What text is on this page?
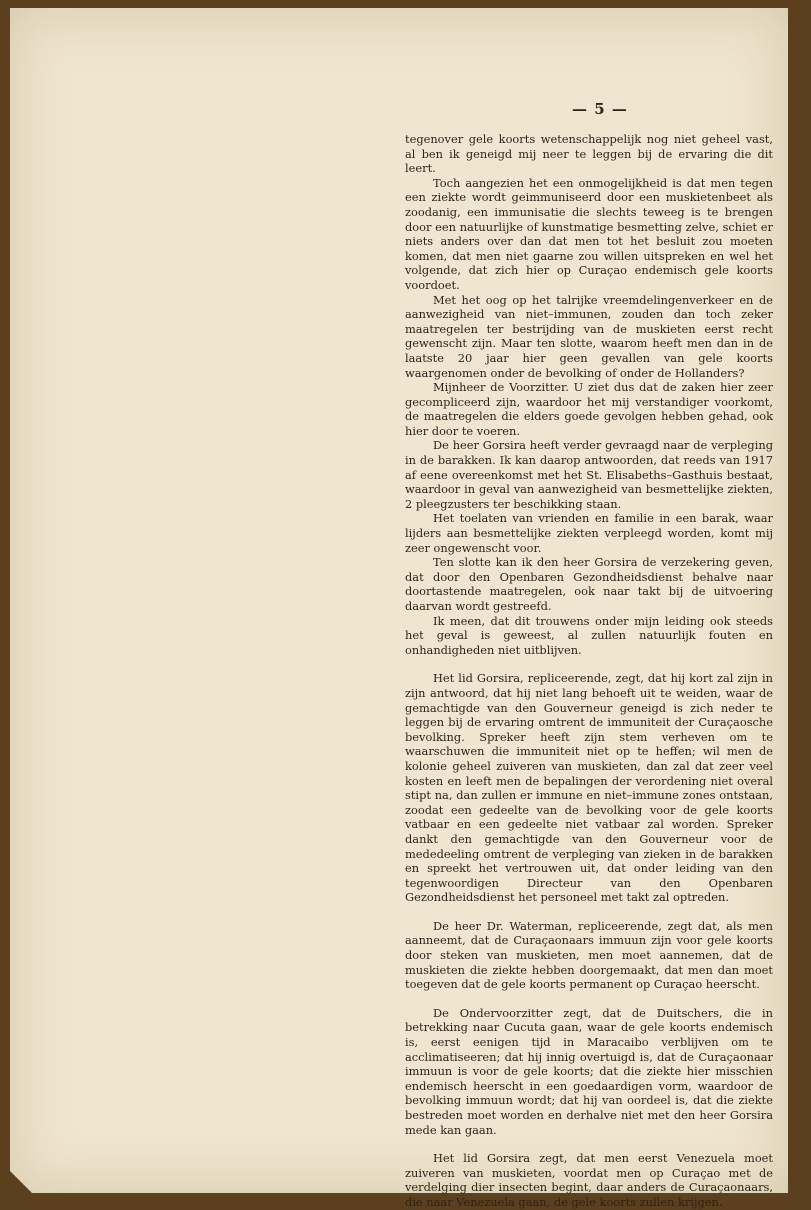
— 5 —

tegenover gele koorts wetenschappelijk nog niet geheel vast, al ben ik geneigd mij neer te leggen bij de ervaring die dit leert.

Toch aangezien het een onmogelijkheid is dat men tegen een ziekte wordt geimmuniseerd door een muskietenbeet als zoodanig, een immunisatie die slechts teweeg is te brengen door een natuurlijke of kunstmatige besmetting zelve, schiet er niets anders over dan dat men tot het besluit zou moeten komen, dat men niet gaarne zou willen uitspreken en wel het volgende, dat zich hier op Curaçao endemisch gele koorts voordoet.

Met het oog op het talrijke vreemdelingenverkeer en de aanwezigheid van niet–immunen, zouden dan toch zeker maatregelen ter bestrijding van de muskieten eerst recht gewenscht zijn. Maar ten slotte, waarom heeft men dan in de laatste 20 jaar hier geen gevallen van gele koorts waargenomen onder de bevolking of onder de Hollanders?

Mijnheer de Voorzitter. U ziet dus dat de zaken hier zeer gecompliceerd zijn, waardoor het mij verstandiger voorkomt, de maatregelen die elders goede gevolgen hebben gehad, ook hier door te voeren.

De heer Gorsira heeft verder gevraagd naar de verpleging in de barakken. Ik kan daarop antwoorden, dat reeds van 1917 af eene overeenkomst met het St. Elisabeths–Gasthuis bestaat, waardoor in geval van aanwezigheid van besmettelijke ziekten, 2 pleegzusters ter beschikking staan.

Het toelaten van vrienden en familie in een barak, waar lijders aan besmettelijke ziekten verpleegd worden, komt mij zeer ongewenscht voor.

Ten slotte kan ik den heer Gorsira de verzekering geven, dat door den Openbaren Gezondheidsdienst behalve naar doortastende maatregelen, ook naar takt bij de uitvoering daarvan wordt gestreefd.

Ik meen, dat dit trouwens onder mijn leiding ook steeds het geval is geweest, al zullen natuurlijk fouten en onhandigheden niet uitblijven.

Het lid Gorsira, repliceerende, zegt, dat hij kort zal zijn in zijn antwoord, dat hij niet lang behoeft uit te weiden, waar de gemachtigde van den Gouverneur geneigd is zich neder te leggen bij de ervaring omtrent de immuniteit der Curaçaosche bevolking. Spreker heeft zijn stem verheven om te waarschuwen die immuniteit niet op te heffen; wil men de kolonie geheel zuiveren van muskieten, dan zal dat zeer veel kosten en leeft men de bepalingen der verordening niet overal stipt na, dan zullen er immune en niet–immune zones ontstaan, zoodat een gedeelte van de bevolking voor de gele koorts vatbaar en een gedeelte niet vatbaar zal worden. Spreker dankt den gemachtigde van den Gouverneur voor de mededeeling omtrent de verpleging van zieken in de barakken en spreekt het vertrouwen uit, dat onder leiding van den tegenwoordigen Directeur van den Openbaren Gezondheidsdienst het personeel met takt zal optreden.

De heer Dr. Waterman, repliceerende, zegt dat, als men aanneemt, dat de Curaçaonaars immuun zijn voor gele koorts door steken van muskieten, men moet aannemen, dat de muskieten die ziekte hebben doorgemaakt, dat men dan moet toegeven dat de gele koorts permanent op Curaçao heerscht.

De Ondervoorzitter zegt, dat de Duitschers, die in betrekking naar Cucuta gaan, waar de gele koorts endemisch is, eerst eenigen tijd in Maracaibo verblijven om te acclimatiseeren; dat hij innig overtuigd is, dat de Curaçaonaar immuun is voor de gele koorts; dat die ziekte hier misschien endemisch heerscht in een goedaardigen vorm, waardoor de bevolking immuun wordt; dat hij van oordeel is, dat die ziekte bestreden moet worden en derhalve niet met den heer Gorsira mede kan gaan.

Het lid Gorsira zegt, dat men eerst Venezuela moet zuiveren van muskieten, voordat men op Curaçao met de verdelging dier insecten begint, daar anders de Curaçaonaars, die naar Venezuela gaan, de gele koorts zullen krijgen.
